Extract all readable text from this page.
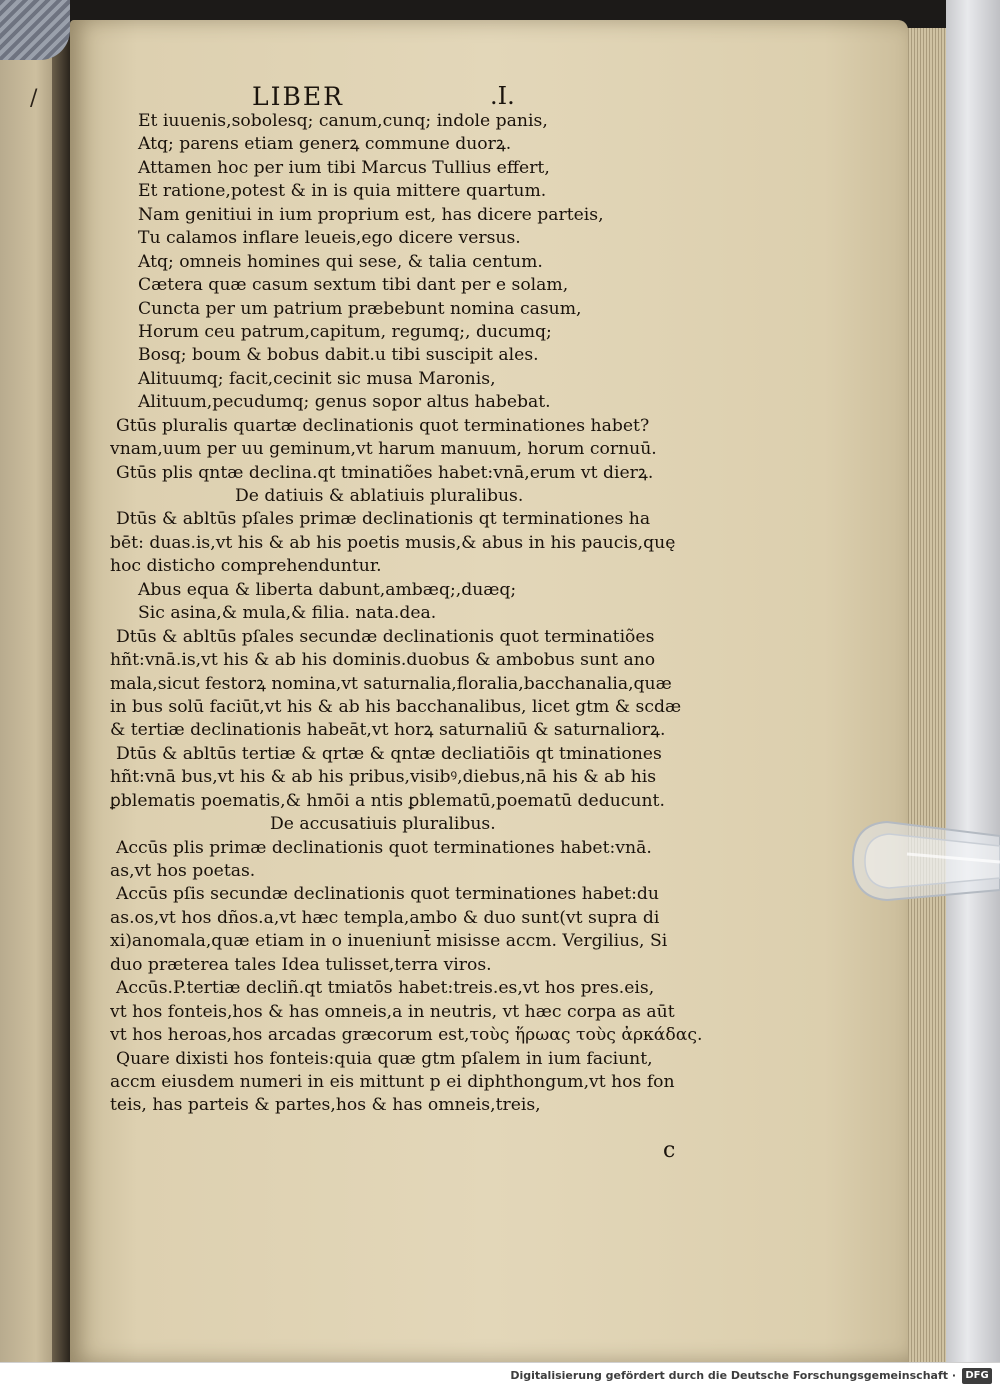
/	LIBER	.I.
Et iuuenis,sobolesq; canum,cunq; indole panis,
Atq; parens etiam generꝝ commune duorꝝ.
Attamen hoc per ium tibi Marcus Tullius effert,
Et ratione,potest & in is quia mittere quartum.
Nam genitiui in ium proprium est, has dicere parteis,
Tu calamos inflare leueis,ego dicere versus.
Atq; omneis homines qui sese, & talia centum.
Cætera quæ casum sextum tibi dant per e solam,
Cuncta per um patrium præbebunt nomina casum,
Horum ceu patrum,capitum, regumq;, ducumq;
Bosq; boum & bobus dabit.u tibi suscipit ales.
Alituumq; facit,cecinit sic musa Maronis,
Alituum,pecudumq; genus sopor altus habebat.
Gtūs pluralis quartæ declinationis quot terminationes habet?
vnam,uum per uu geminum,vt harum manuum, horum cornuū.
Gtūs plis qntæ declina.qt tminatiões habet:vnā,erum vt dierꝝ.
De datiuis & ablatiuis pluralibus.
Dtūs & abltūs pſales primæ declinationis qt terminationes ha
bēt: duas.is,vt his & ab his poetis musis,& abus in his paucis,quę
hoc disticho comprehenduntur.
Abus equa & liberta dabunt,ambæq;,duæq;
Sic asina,& mula,& filia. nata.dea.
Dtūs & abltūs pſales secundæ declinationis quot terminatiões
hñt:vnā.is,vt his & ab his dominis.duobus & ambobus sunt ano
mala,sicut festorꝝ nomina,vt saturnalia,floralia,bacchanalia,quæ
in bus solū faciūt,vt his & ab his bacchanalibus, licet gtm & scdæ
& tertiæ declinationis habeāt,vt horꝝ saturnaliū & saturnaliorꝝ.
Dtūs & abltūs tertiæ & qrtæ & qntæ decliatiōis qt tminationes
hñt:vnā bus,vt his & ab his pribus,visibꝰ,diebus,nā his & ab his
ꝑblematis poematis,& hmōi a ntis ꝑblematū,poematū deducunt.
De accusatiuis pluralibus.
Accūs plis primæ declinationis quot terminationes habet:vnā.
as,vt hos poetas.
Accūs pſis secundæ declinationis quot terminationes habet:du
as.os,vt hos dños.a,vt hæc templa,ambo & duo sunt(vt supra di
xi)anomala,quæ etiam in o inueniunt̄ misisse accm. Vergilius, Si
duo præterea tales Idea tulisset,terra viros.
Accūs.P.tertiæ decliñ.qt tmiatōs habet:treis.es,vt hos pres.eis,
vt hos fonteis,hos & has omneis,a in neutris, vt hæc corpa as aūt
vt hos heroas,hos arcadas græcorum est,τοὺς ἥρωας τοὺς ἀρκάδας.
Quare dixisti hos fonteis:quia quæ gtm pſalem in ium faciunt,
accm eiusdem numeri in eis mittunt p ei diphthongum,vt hos fon
teis, has parteis & partes,hos & has omneis,treis,
c
Digitalisierung gefördert durch die Deutsche Forschungsgemeinschaft · DFG
